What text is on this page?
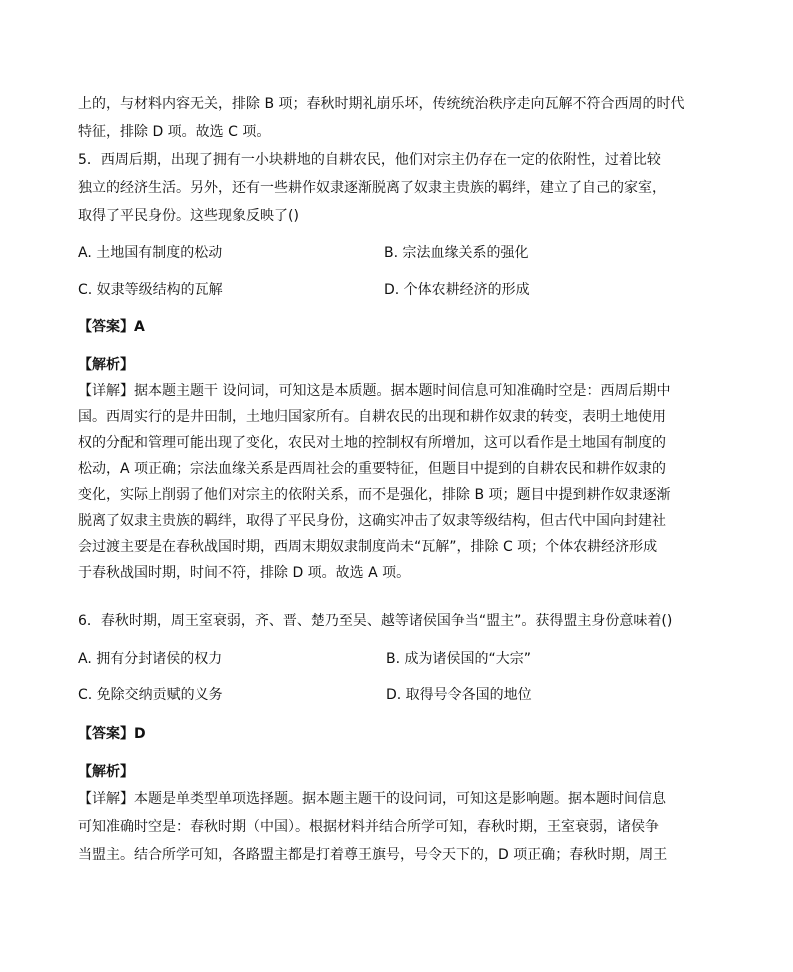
上的，与材料内容无关，排除 B 项；春秋时期礼崩乐坏，传统统治秩序走向瓦解不符合西周的时代
特征，排除 D 项。故选 C 项。
5．西周后期，出现了拥有一小块耕地的自耕农民，他们对宗主仍存在一定的依附性，过着比较
独立的经济生活。另外，还有一些耕作奴隶逐渐脱离了奴隶主贵族的羁绊，建立了自己的家室，
取得了平民身份。这些现象反映了()
A. 土地国有制度的松动	B. 宗法血缘关系的强化
C. 奴隶等级结构的瓦解	D. 个体农耕经济的形成
【答案】A
【解析】
【详解】据本题主题干 设问词，可知这是本质题。据本题时间信息可知准确时空是：西周后期中
国。西周实行的是井田制，土地归国家所有。自耕农民的出现和耕作奴隶的转变，表明土地使用
权的分配和管理可能出现了变化，农民对土地的控制权有所增加，这可以看作是土地国有制度的
松动，A 项正确；宗法血缘关系是西周社会的重要特征，但题目中提到的自耕农民和耕作奴隶的
变化，实际上削弱了他们对宗主的依附关系，而不是强化，排除 B 项；题目中提到耕作奴隶逐渐
脱离了奴隶主贵族的羁绊，取得了平民身份，这确实冲击了奴隶等级结构，但古代中国向封建社
会过渡主要是在春秋战国时期，西周末期奴隶制度尚未“瓦解”，排除 C 项；个体农耕经济形成
于春秋战国时期，时间不符，排除 D 项。故选 A 项。
6．春秋时期，周王室衰弱，齐、晋、楚乃至吴、越等诸侯国争当“盟主”。获得盟主身份意味着()
A. 拥有分封诸侯的权力	B. 成为诸侯国的“大宗”
C. 免除交纳贡赋的义务	D. 取得号令各国的地位
【答案】D
【解析】
【详解】本题是单类型单项选择题。据本题主题干的设问词，可知这是影响题。据本题时间信息
可知准确时空是：春秋时期（中国）。根据材料并结合所学可知，春秋时期，王室衰弱，诸侯争
当盟主。结合所学可知，各路盟主都是打着尊王旗号，号令天下的，D 项正确；春秋时期，周王
